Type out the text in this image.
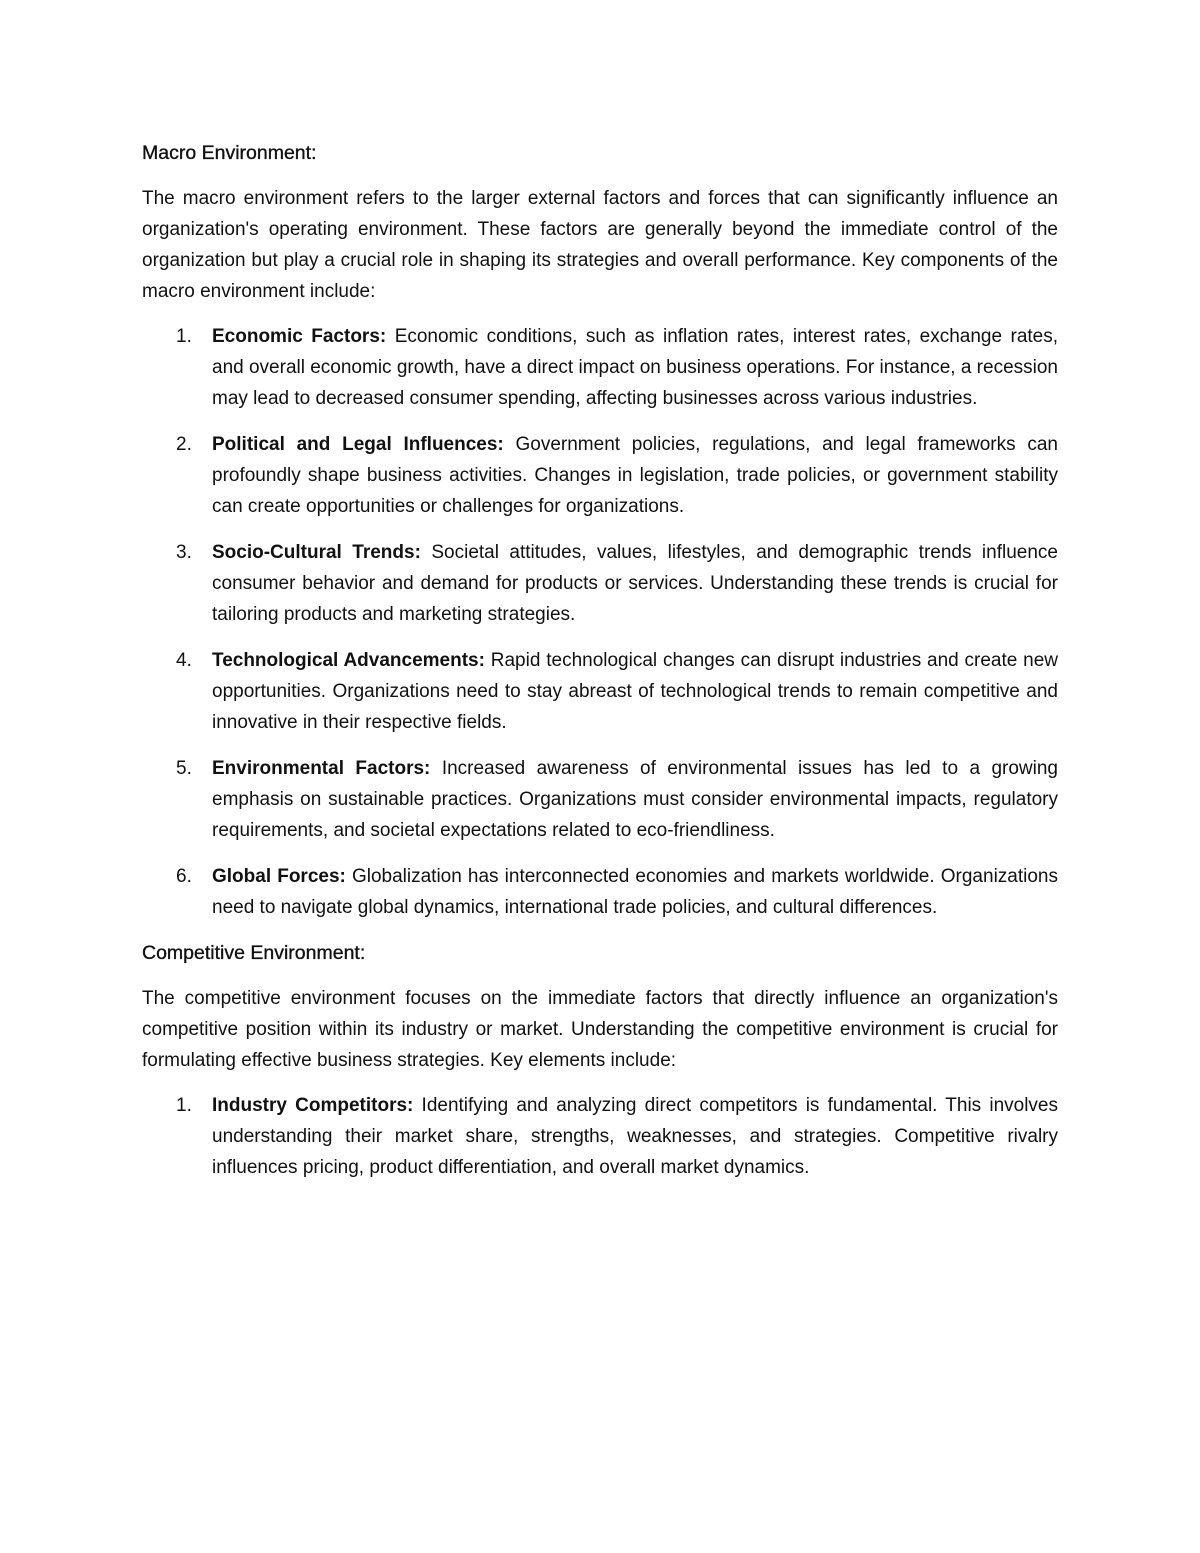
Macro Environment:

The macro environment refers to the larger external factors and forces that can significantly influence an organization's operating environment. These factors are generally beyond the immediate control of the organization but play a crucial role in shaping its strategies and overall performance. Key components of the macro environment include:

1. Economic Factors: Economic conditions, such as inflation rates, interest rates, exchange rates, and overall economic growth, have a direct impact on business operations. For instance, a recession may lead to decreased consumer spending, affecting businesses across various industries.
2. Political and Legal Influences: Government policies, regulations, and legal frameworks can profoundly shape business activities. Changes in legislation, trade policies, or government stability can create opportunities or challenges for organizations.
3. Socio-Cultural Trends: Societal attitudes, values, lifestyles, and demographic trends influence consumer behavior and demand for products or services. Understanding these trends is crucial for tailoring products and marketing strategies.
4. Technological Advancements: Rapid technological changes can disrupt industries and create new opportunities. Organizations need to stay abreast of technological trends to remain competitive and innovative in their respective fields.
5. Environmental Factors: Increased awareness of environmental issues has led to a growing emphasis on sustainable practices. Organizations must consider environmental impacts, regulatory requirements, and societal expectations related to eco-friendliness.
6. Global Forces: Globalization has interconnected economies and markets worldwide. Organizations need to navigate global dynamics, international trade policies, and cultural differences.
Competitive Environment:

The competitive environment focuses on the immediate factors that directly influence an organization's competitive position within its industry or market. Understanding the competitive environment is crucial for formulating effective business strategies. Key elements include:

1. Industry Competitors: Identifying and analyzing direct competitors is fundamental. This involves understanding their market share, strengths, weaknesses, and strategies. Competitive rivalry influences pricing, product differentiation, and overall market dynamics.
